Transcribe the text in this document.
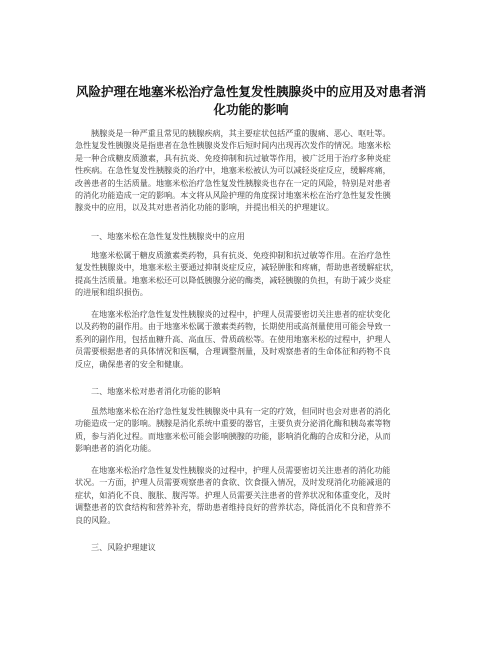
风险护理在地塞米松治疗急性复发性胰腺炎中的应用及对患者消
化功能的影响
胰腺炎是一种严重且常见的胰腺疾病，其主要症状包括严重的腹痛、恶心、呕吐等。
急性复发性胰腺炎是指患者在急性胰腺炎发作后短时间内出现再次发作的情况。地塞米松
是一种合成糖皮质激素，具有抗炎、免疫抑制和抗过敏等作用，被广泛用于治疗多种炎症
性疾病。在急性复发性胰腺炎的治疗中，地塞米松被认为可以减轻炎症反应，缓解疼痛，
改善患者的生活质量。地塞米松治疗急性复发性胰腺炎也存在一定的风险，特别是对患者
的消化功能造成一定的影响。本文将从风险护理的角度探讨地塞米松在治疗急性复发性胰
腺炎中的应用，以及其对患者消化功能的影响，并提出相关的护理建议。
一、地塞米松在急性复发性胰腺炎中的应用
地塞米松属于糖皮质激素类药物，具有抗炎、免疫抑制和抗过敏等作用。在治疗急性
复发性胰腺炎中，地塞米松主要通过抑制炎症反应，减轻肿胀和疼痛，帮助患者缓解症状，
提高生活质量。地塞米松还可以降低胰腺分泌的酶类，减轻胰腺的负担，有助于减少炎症
的进展和组织损伤。
在地塞米松治疗急性复发性胰腺炎的过程中，护理人员需要密切关注患者的症状变化
以及药物的副作用。由于地塞米松属于激素类药物，长期使用或高剂量使用可能会导致一
系列的副作用，包括血糖升高、高血压、骨质疏松等。在使用地塞米松的过程中，护理人
员需要根据患者的具体情况和医嘱，合理调整剂量，及时观察患者的生命体征和药物不良
反应，确保患者的安全和健康。
二、地塞米松对患者消化功能的影响
虽然地塞米松在治疗急性复发性胰腺炎中具有一定的疗效，但同时也会对患者的消化
功能造成一定的影响。胰腺是消化系统中重要的器官，主要负责分泌消化酶和胰岛素等物
质，参与消化过程。而地塞米松可能会影响胰腺的功能，影响消化酶的合成和分泌，从而
影响患者的消化功能。
在地塞米松治疗急性复发性胰腺炎的过程中，护理人员需要密切关注患者的消化功能
状况。一方面，护理人员需要观察患者的食欲、饮食摄入情况，及时发现消化功能减退的
症状，如消化不良、腹胀、腹泻等。护理人员需要关注患者的营养状况和体重变化，及时
调整患者的饮食结构和营养补充，帮助患者维持良好的营养状态，降低消化不良和营养不
良的风险。
三、风险护理建议
